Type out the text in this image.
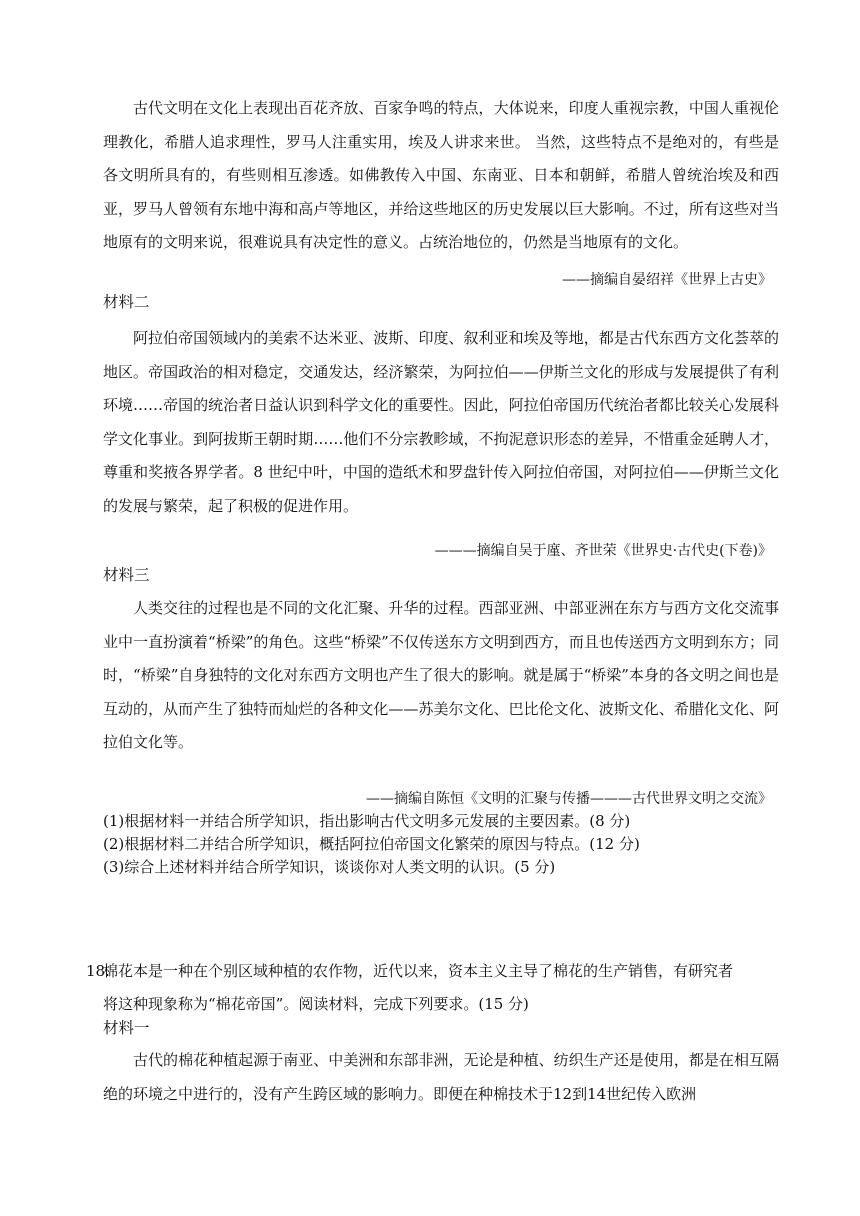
古代文明在文化上表现出百花齐放、百家争鸣的特点，大体说来，印度人重视宗教，中国人重视伦理教化，希腊人追求理性，罗马人注重实用，埃及人讲求来世。 当然，这些特点不是绝对的，有些是各文明所具有的，有些则相互渗透。如佛教传入中国、东南亚、日本和朝鲜，希腊人曾统治埃及和西亚，罗马人曾领有东地中海和高卢等地区，并给这些地区的历史发展以巨大影响。不过，所有这些对当地原有的文明来说，很难说具有决定性的意义。占统治地位的，仍然是当地原有的文化。

——摘编自晏绍祥《世界上古史》

材料二

阿拉伯帝国领域内的美索不达米亚、波斯、印度、叙利亚和埃及等地，都是古代东西方文化荟萃的地区。帝国政治的相对稳定，交通发达，经济繁荣，为阿拉伯——伊斯兰文化的形成与发展提供了有利环境……帝国的统治者日益认识到科学文化的重要性。因此，阿拉伯帝国历代统治者都比较关心发展科学文化事业。到阿拔斯王朝时期……他们不分宗教畛域，不拘泥意识形态的差异，不惜重金延聘人才，尊重和奖掖各界学者。8 世纪中叶，中国的造纸术和罗盘针传入阿拉伯帝国，对阿拉伯——伊斯兰文化的发展与繁荣，起了积极的促进作用。

———摘编自吴于廑、齐世荣《世界史·古代史(下卷)》

材料三

人类交往的过程也是不同的文化汇聚、升华的过程。西部亚洲、中部亚洲在东方与西方文化交流事业中一直扮演着“桥梁”的角色。这些“桥梁”不仅传送东方文明到西方，而且也传送西方文明到东方；同时，“桥梁”自身独特的文化对东西方文明也产生了很大的影响。就是属于“桥梁”本身的各文明之间也是互动的，从而产生了独特而灿烂的各种文化——苏美尔文化、巴比伦文化、波斯文化、希腊化文化、阿拉伯文化等。

——摘编自陈恒《文明的汇聚与传播———古代世界文明之交流》

(1)根据材料一并结合所学知识，指出影响古代文明多元发展的主要因素。(8 分)

(2)根据材料二并结合所学知识，概括阿拉伯帝国文化繁荣的原因与特点。(12 分)

(3)综合上述材料并结合所学知识，谈谈你对人类文明的认识。(5 分)

18.棉花本是一种在个别区域种植的农作物，近代以来，资本主义主导了棉花的生产销售，有研究者
将这种现象称为“棉花帝国”。阅读材料，完成下列要求。(15 分)

材料一

古代的棉花种植起源于南亚、中美洲和东部非洲，无论是种植、纺织生产还是使用，都是在相互隔绝的环境之中进行的，没有产生跨区域的影响力。即便在种棉技术于12到14世纪传入欧洲
